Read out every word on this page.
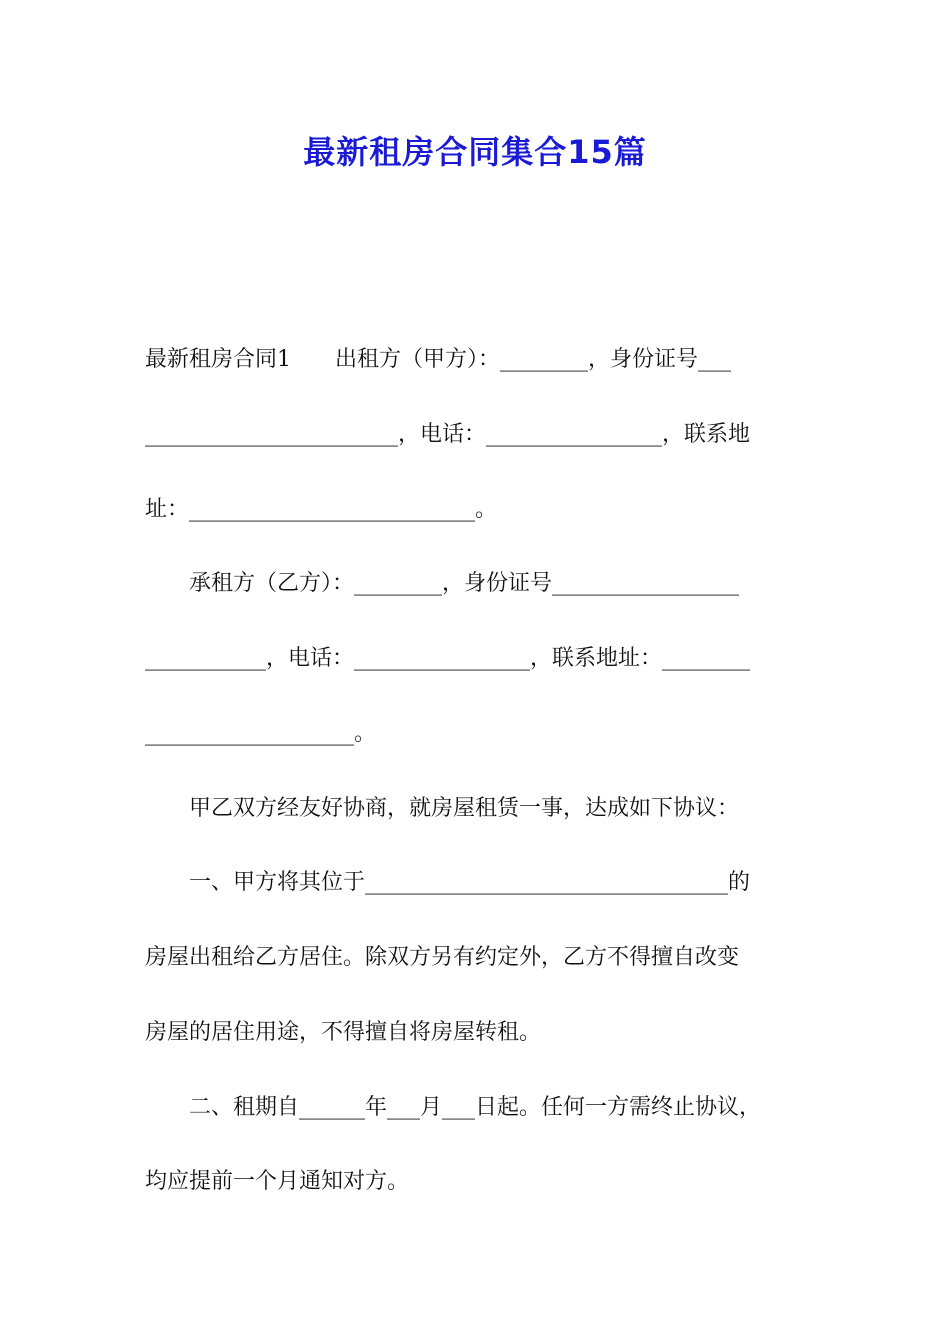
最新租房合同集合15篇
最新租房合同1　　出租方（甲方）：________，身份证号___
_______________________，电话：________________，联系地
址：__________________________。
　　承租方（乙方）：________，身份证号_________________
___________，电话：________________，联系地址：________
___________________。
　　甲乙双方经友好协商，就房屋租赁一事，达成如下协议：
　　一、甲方将其位于_________________________________的
房屋出租给乙方居住。除双方另有约定外，乙方不得擅自改变
房屋的居住用途，不得擅自将房屋转租。
　　二、租期自______年___月___日起。任何一方需终止协议，
均应提前一个月通知对方。
